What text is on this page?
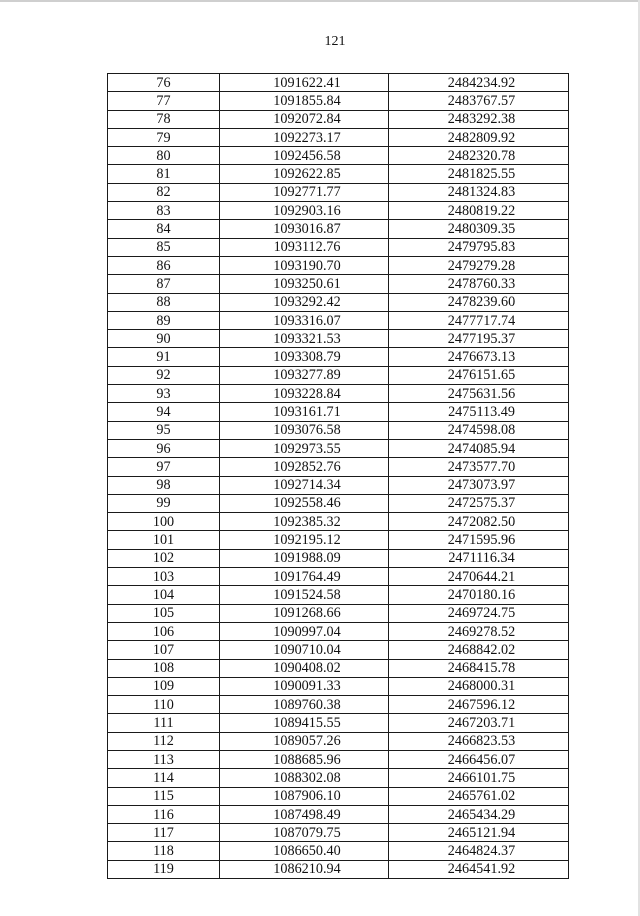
121
76	1091622.41	2484234.92
77	1091855.84	2483767.57
78	1092072.84	2483292.38
79	1092273.17	2482809.92
80	1092456.58	2482320.78
81	1092622.85	2481825.55
82	1092771.77	2481324.83
83	1092903.16	2480819.22
84	1093016.87	2480309.35
85	1093112.76	2479795.83
86	1093190.70	2479279.28
87	1093250.61	2478760.33
88	1093292.42	2478239.60
89	1093316.07	2477717.74
90	1093321.53	2477195.37
91	1093308.79	2476673.13
92	1093277.89	2476151.65
93	1093228.84	2475631.56
94	1093161.71	2475113.49
95	1093076.58	2474598.08
96	1092973.55	2474085.94
97	1092852.76	2473577.70
98	1092714.34	2473073.97
99	1092558.46	2472575.37
100	1092385.32	2472082.50
101	1092195.12	2471595.96
102	1091988.09	2471116.34
103	1091764.49	2470644.21
104	1091524.58	2470180.16
105	1091268.66	2469724.75
106	1090997.04	2469278.52
107	1090710.04	2468842.02
108	1090408.02	2468415.78
109	1090091.33	2468000.31
110	1089760.38	2467596.12
111	1089415.55	2467203.71
112	1089057.26	2466823.53
113	1088685.96	2466456.07
114	1088302.08	2466101.75
115	1087906.10	2465761.02
116	1087498.49	2465434.29
117	1087079.75	2465121.94
118	1086650.40	2464824.37
119	1086210.94	2464541.92
